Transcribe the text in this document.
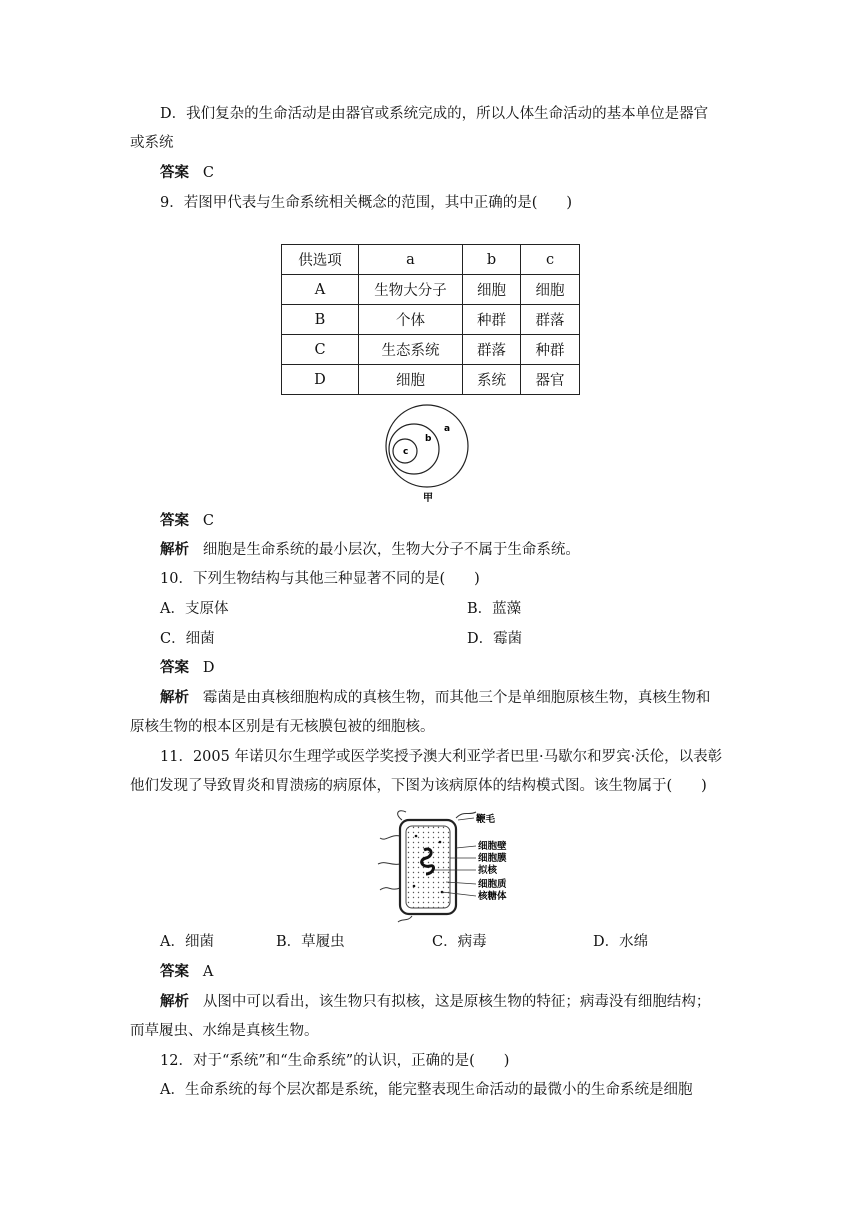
D．我们复杂的生命活动是由器官或系统完成的，所以人体生命活动的基本单位是器官
或系统
答案 C
9．若图甲代表与生命系统相关概念的范围，其中正确的是(　　)
供选项	a	b	c
A	生物大分子	细胞	细胞
B	个体	种群	群落
C	生态系统	群落	种群
D	细胞	系统	器官
a
b
c
甲
答案 C
解析 细胞是生命系统的最小层次，生物大分子不属于生命系统。
10．下列生物结构与其他三种显著不同的是(　　)
A．支原体	B．蓝藻
C．细菌	D．霉菌
答案 D
解析 霉菌是由真核细胞构成的真核生物，而其他三个是单细胞原核生物，真核生物和
原核生物的根本区别是有无核膜包被的细胞核。
11．2005 年诺贝尔生理学或医学奖授予澳大利亚学者巴里·马歇尔和罗宾·沃伦，以表彰
他们发现了导致胃炎和胃溃疡的病原体，下图为该病原体的结构模式图。该生物属于(　　)
鞭毛
细胞壁
细胞膜
拟核
细胞质
核糖体
A．细菌	B．草履虫	C．病毒	D．水绵
答案 A
解析 从图中可以看出，该生物只有拟核，这是原核生物的特征；病毒没有细胞结构；
而草履虫、水绵是真核生物。
12．对于“系统”和“生命系统”的认识，正确的是(　　)
A．生命系统的每个层次都是系统，能完整表现生命活动的最微小的生命系统是细胞
